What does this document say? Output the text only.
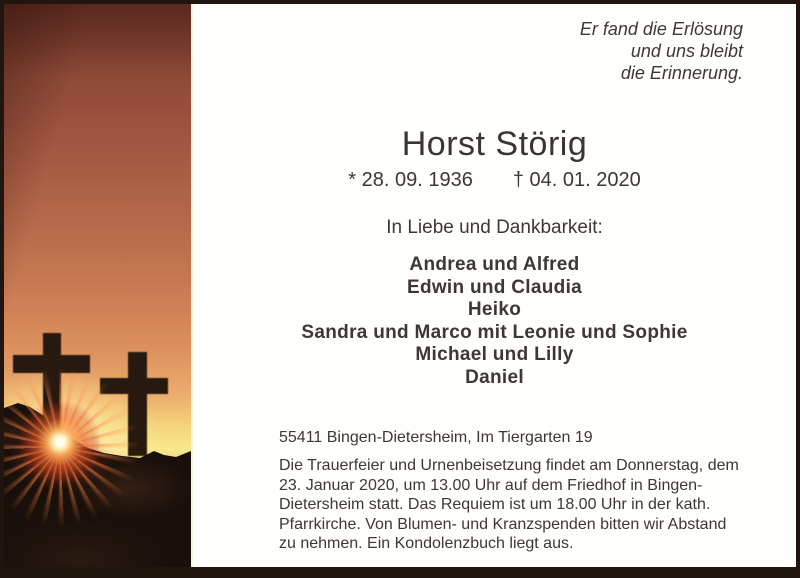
Er fand die Erlösung
und uns bleibt
die Erinnerung.
Horst Störig
* 28. 09. 1936 † 04. 01. 2020
In Liebe und Dankbarkeit:
Andrea und Alfred
Edwin und Claudia
Heiko
Sandra und Marco mit Leonie und Sophie
Michael und Lilly
Daniel
55411 Bingen-Dietersheim, Im Tiergarten 19
Die Trauerfeier und Urnenbeisetzung findet am Donnerstag, dem
23. Januar 2020, um 13.00 Uhr auf dem Friedhof in Bingen-
Dietersheim statt. Das Requiem ist um 18.00 Uhr in der kath.
Pfarrkirche. Von Blumen- und Kranzspenden bitten wir Abstand
zu nehmen. Ein Kondolenzbuch liegt aus.
